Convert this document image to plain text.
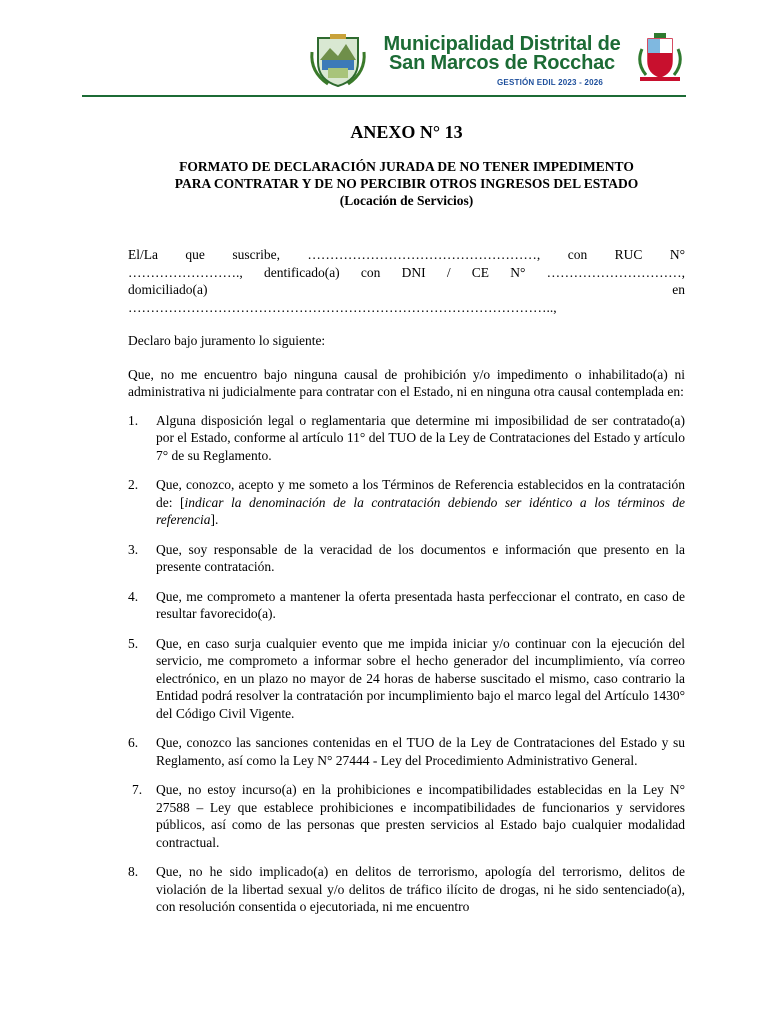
Municipalidad Distrital de
San Marcos de Rocchac
GESTIÓN EDIL 2023 - 2026
ANEXO N° 13
FORMATO DE DECLARACIÓN JURADA DE NO TENER IMPEDIMENTO
PARA CONTRATAR Y DE NO PERCIBIR OTROS INGRESOS DEL ESTADO
(Locación de Servicios)
El/La que suscribe, ……………………………………………, con RUC N°
……………………., dentificado(a) con DNI / CE N° …………………………,
domiciliado(a) en
…………………………………………………………………………………..,

Declaro bajo juramento lo siguiente:

Que, no me encuentro bajo ninguna causal de prohibición y/o impedimento o inhabilitado(a) ni administrativa ni judicialmente para contratar con el Estado, ni en ninguna otra causal contemplada en:

1. Alguna disposición legal o reglamentaria que determine mi imposibilidad de ser contratado(a) por el Estado, conforme al artículo 11° del TUO de la Ley de Contrataciones del Estado y artículo 7° de su Reglamento.
2. Que, conozco, acepto y me someto a los Términos de Referencia establecidos en la contratación de: [indicar la denominación de la contratación debiendo ser idéntico a los términos de referencia].
3. Que, soy responsable de la veracidad de los documentos e información que presento en la presente contratación.
4. Que, me comprometo a mantener la oferta presentada hasta perfeccionar el contrato, en caso de resultar favorecido(a).
5. Que, en caso surja cualquier evento que me impida iniciar y/o continuar con la ejecución del servicio, me comprometo a informar sobre el hecho generador del incumplimiento, vía correo electrónico, en un plazo no mayor de 24 horas de haberse suscitado el mismo, caso contrario la Entidad podrá resolver la contratación por incumplimiento bajo el marco legal del Artículo 1430° del Código Civil Vigente.
6. Que, conozco las sanciones contenidas en el TUO de la Ley de Contrataciones del Estado y su Reglamento, así como la Ley N° 27444 - Ley del Procedimiento Administrativo General.
7. Que, no estoy incurso(a) en la prohibiciones e incompatibilidades establecidas en la Ley N° 27588 – Ley que establece prohibiciones e incompatibilidades de funcionarios y servidores públicos, así como de las personas que presten servicios al Estado bajo cualquier modalidad contractual.
8. Que, no he sido implicado(a) en delitos de terrorismo, apología del terrorismo, delitos de violación de la libertad sexual y/o delitos de tráfico ilícito de drogas, ni he sido sentenciado(a), con resolución consentida o ejecutoriada, ni me encuentro
